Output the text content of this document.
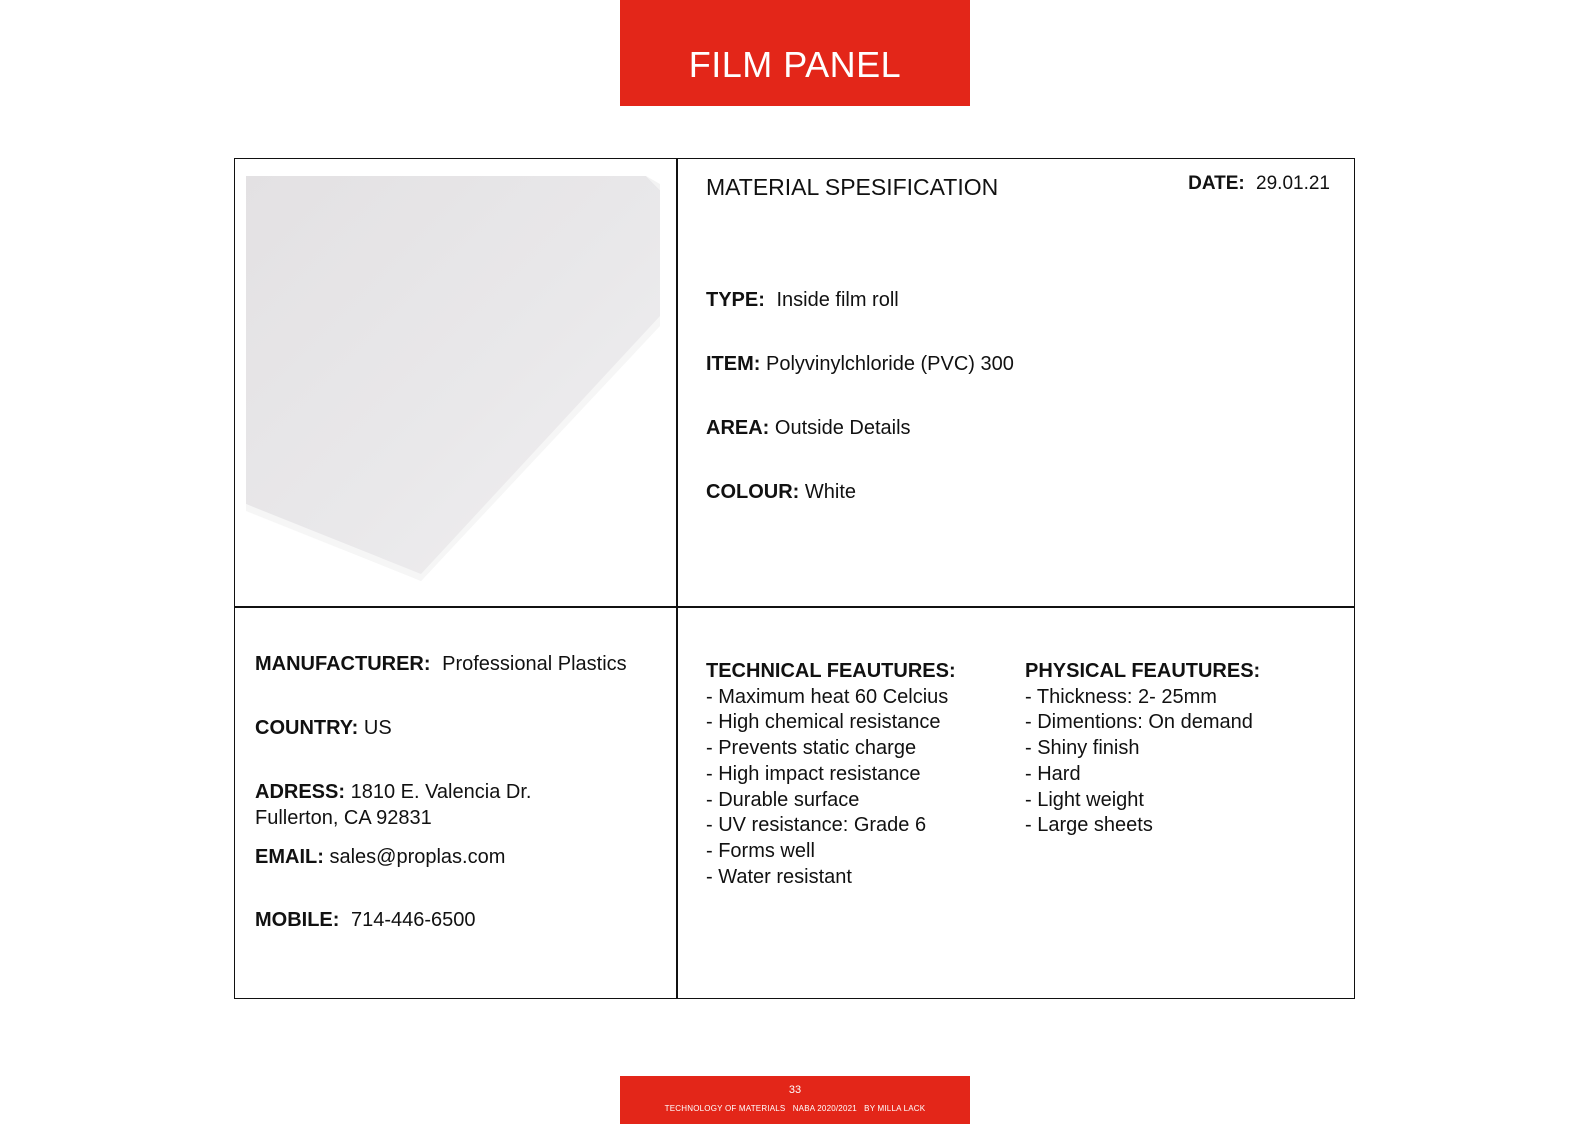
FILM PANEL
MATERIAL SPESIFICATION	DATE: 29.01.21
TYPE: Inside film roll
ITEM: Polyvinylchloride (PVC) 300
AREA: Outside Details
COLOUR: White
MANUFACTURER: Professional Plastics
COUNTRY: US
ADRESS: 1810 E. Valencia Dr.
Fullerton, CA 92831
EMAIL: sales@proplas.com
MOBILE: 714-446-6500
TECHNICAL FEAUTURES:
- Maximum heat 60 Celcius
- High chemical resistance
- Prevents static charge
- High impact resistance
- Durable surface
- UV resistance: Grade 6
- Forms well
- Water resistant
PHYSICAL FEAUTURES:
- Thickness: 2- 25mm
- Dimentions: On demand
- Shiny finish
- Hard
- Light weight
- Large sheets
33
TECHNOLOGY OF MATERIALS   NABA 2020/2021   BY MILLA LACK
